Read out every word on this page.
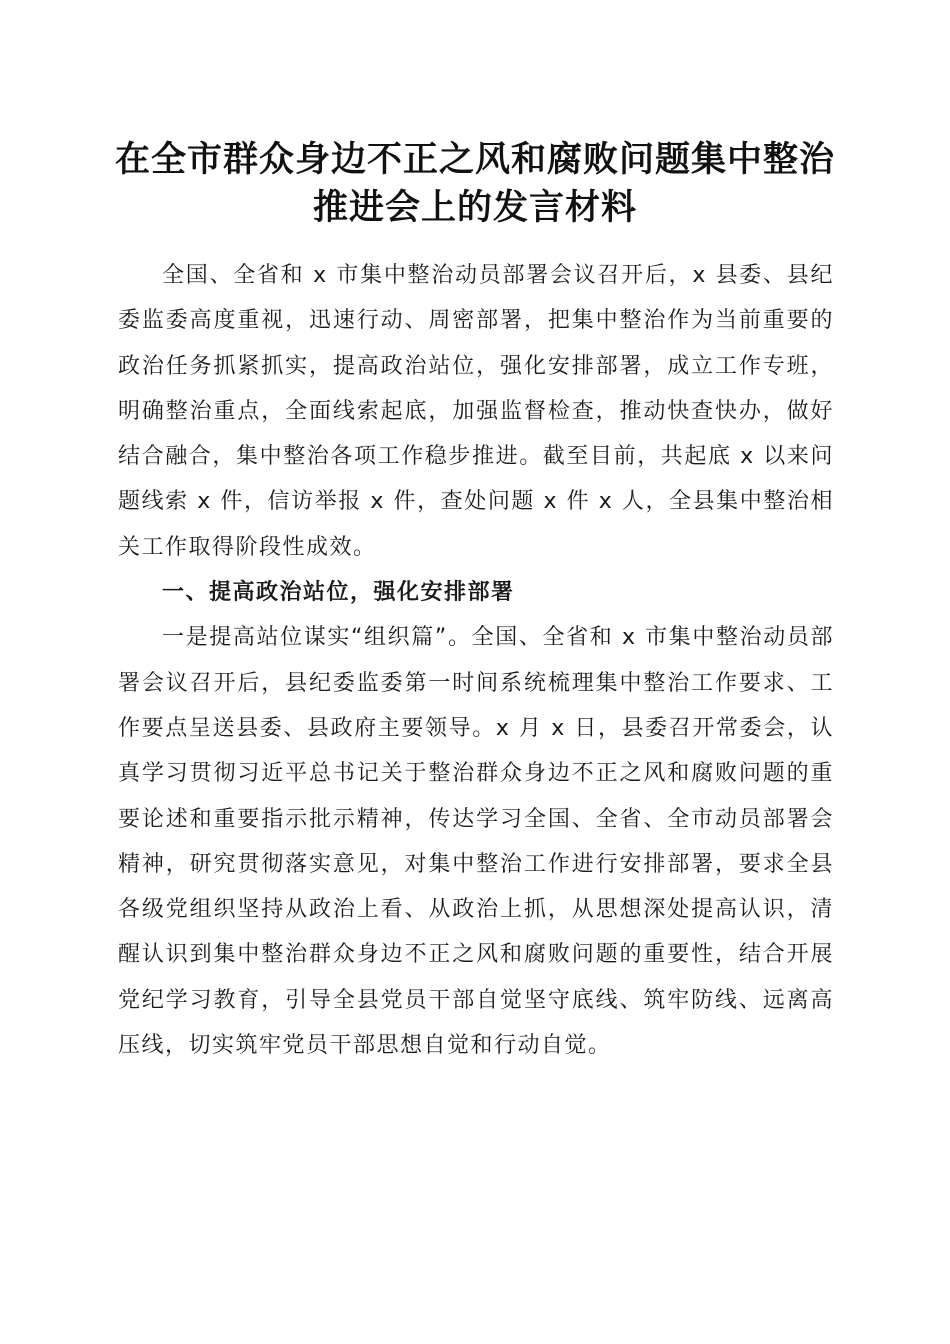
在全市群众身边不正之风和腐败问题集中整治
推进会上的发言材料

全国、全省和 x 市集中整治动员部署会议召开后，x 县委、县纪委监委高度重视，迅速行动、周密部署，把集中整治作为当前重要的政治任务抓紧抓实，提高政治站位，强化安排部署，成立工作专班，明确整治重点，全面线索起底，加强监督检查，推动快查快办，做好结合融合，集中整治各项工作稳步推进。截至目前，共起底 x 以来问题线索 x 件，信访举报 x 件，查处问题 x 件 x 人，全县集中整治相关工作取得阶段性成效。

一、提高政治站位，强化安排部署

一是提高站位谋实“组织篇”。全国、全省和 x 市集中整治动员部署会议召开后，县纪委监委第一时间系统梳理集中整治工作要求、工作要点呈送县委、县政府主要领导。x 月 x 日，县委召开常委会，认真学习贯彻习近平总书记关于整治群众身边不正之风和腐败问题的重要论述和重要指示批示精神，传达学习全国、全省、全市动员部署会精神，研究贯彻落实意见，对集中整治工作进行安排部署，要求全县各级党组织坚持从政治上看、从政治上抓，从思想深处提高认识，清醒认识到集中整治群众身边不正之风和腐败问题的重要性，结合开展党纪学习教育，引导全县党员干部自觉坚守底线、筑牢防线、远离高压线，切实筑牢党员干部思想自觉和行动自觉。
